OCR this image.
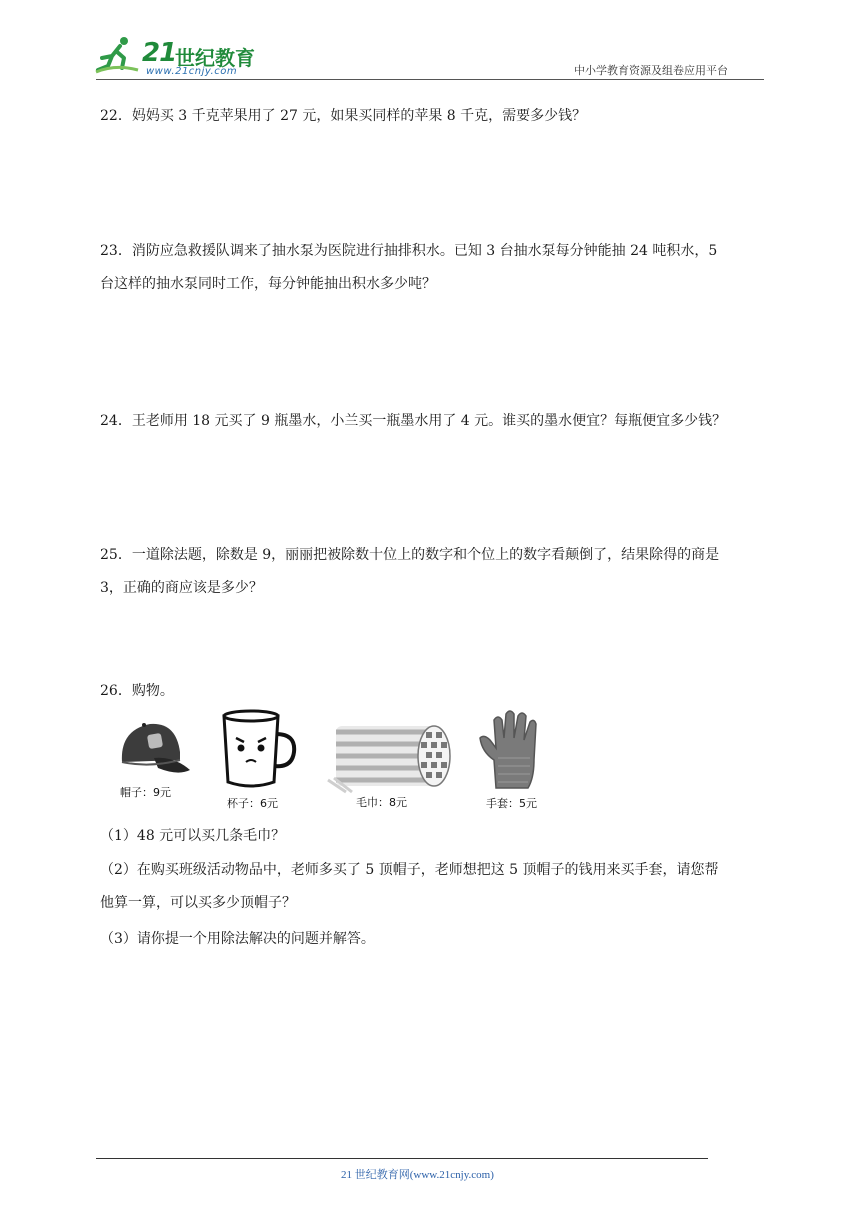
21
世纪教育
www.21cnjy.com	中小学教育资源及组卷应用平台
22．妈妈买 3 千克苹果用了 27 元，如果买同样的苹果 8 千克，需要多少钱？
23．消防应急救援队调来了抽水泵为医院进行抽排积水。已知 3 台抽水泵每分钟能抽 24 吨积水，5
台这样的抽水泵同时工作，每分钟能抽出积水多少吨？
24．王老师用 18 元买了 9 瓶墨水，小兰买一瓶墨水用了 4 元。谁买的墨水便宜？每瓶便宜多少钱？
25．一道除法题，除数是 9，丽丽把被除数十位上的数字和个位上的数字看颠倒了，结果除得的商是
3，正确的商应该是多少？
26．购物。
帽子：9元
杯子：6元	毛巾：8元	手套：5元
（1）48 元可以买几条毛巾？
（2）在购买班级活动物品中，老师多买了 5 顶帽子，老师想把这 5 顶帽子的钱用来买手套，请您帮
他算一算，可以买多少顶帽子？
（3）请你提一个用除法解决的问题并解答。
21 世纪教育网(www.21cnjy.com)
